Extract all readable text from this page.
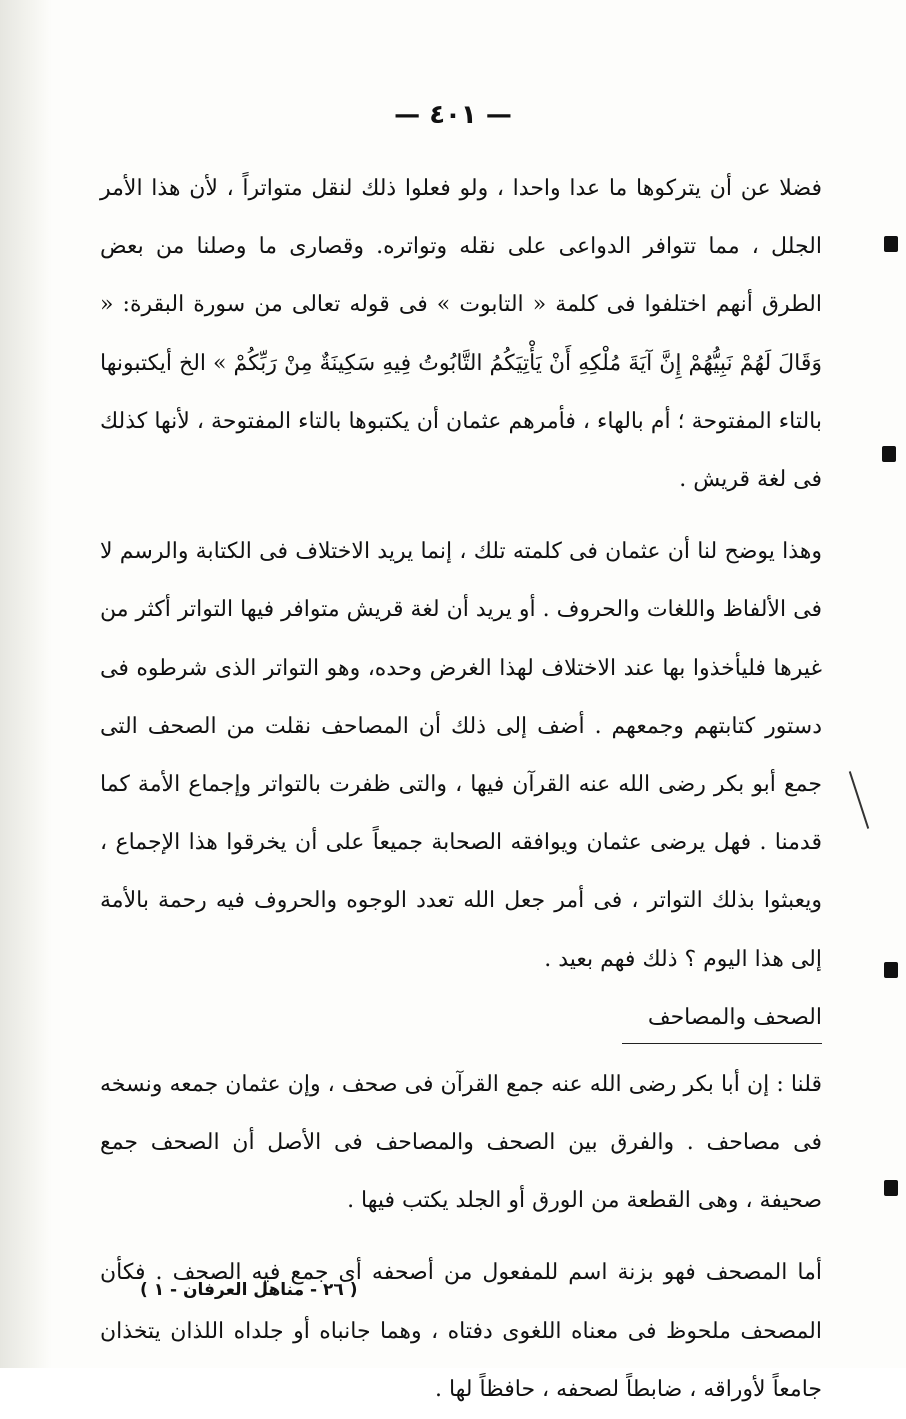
— ٤٠١ —

فضلا عن أن يتركوها ما عدا واحدا ، ولو فعلوا ذلك لنقل متواتراً ، لأن هذا الأمر الجلل ، مما تتوافر الدواعى على نقله وتواتره. وقصارى ما وصلنا من بعض الطرق أنهم اختلفوا فى كلمة « التابوت » فى قوله تعالى من سورة البقرة: « وَقَالَ لَهُمْ نَبِيُّهُمْ إِنَّ آيَةَ مُلْكِهِ أَنْ يَأْتِيَكُمُ التَّابُوتُ فِيهِ سَكِينَةٌ مِنْ رَبِّكُمْ » الخ أيكتبونها بالتاء المفتوحة ؛ أم بالهاء ، فأمرهم عثمان أن يكتبوها بالتاء المفتوحة ، لأنها كذلك فى لغة قريش .

وهذا يوضح لنا أن عثمان فى كلمته تلك ، إنما يريد الاختلاف فى الكتابة والرسم لا فى الألفاظ واللغات والحروف . أو يريد أن لغة قريش متوافر فيها التواتر أكثر من غيرها فليأخذوا بها عند الاختلاف لهذا الغرض وحده، وهو التواتر الذى شرطوه فى دستور كتابتهم وجمعهم . أضف إلى ذلك أن المصاحف نقلت من الصحف التى جمع أبو بكر رضى الله عنه القرآن فيها ، والتى ظفرت بالتواتر وإجماع الأمة كما قدمنا . فهل يرضى عثمان ويوافقه الصحابة جميعاً على أن يخرقوا هذا الإجماع ، ويعبثوا بذلك التواتر ، فى أمر جعل الله تعدد الوجوه والحروف فيه رحمة بالأمة إلى هذا اليوم ؟ ذلك فهم بعيد .

الصحف والمصاحف

قلنا : إن أبا بكر رضى الله عنه جمع القرآن فى صحف ، وإن عثمان جمعه ونسخه فى مصاحف . والفرق بين الصحف والمصاحف فى الأصل أن الصحف جمع صحيفة ، وهى القطعة من الورق أو الجلد يكتب فيها .

أما المصحف فهو بزنة اسم للمفعول من أصحفه أى جمع فيه الصحف . فكأن المصحف ملحوظ فى معناه اللغوى دفتاه ، وهما جانباه أو جلداه اللذان يتخذان جامعاً لأوراقه ، ضابطاً لصحفه ، حافظاً لها .

( ٢٦ - مناهل العرفان - ١ )
